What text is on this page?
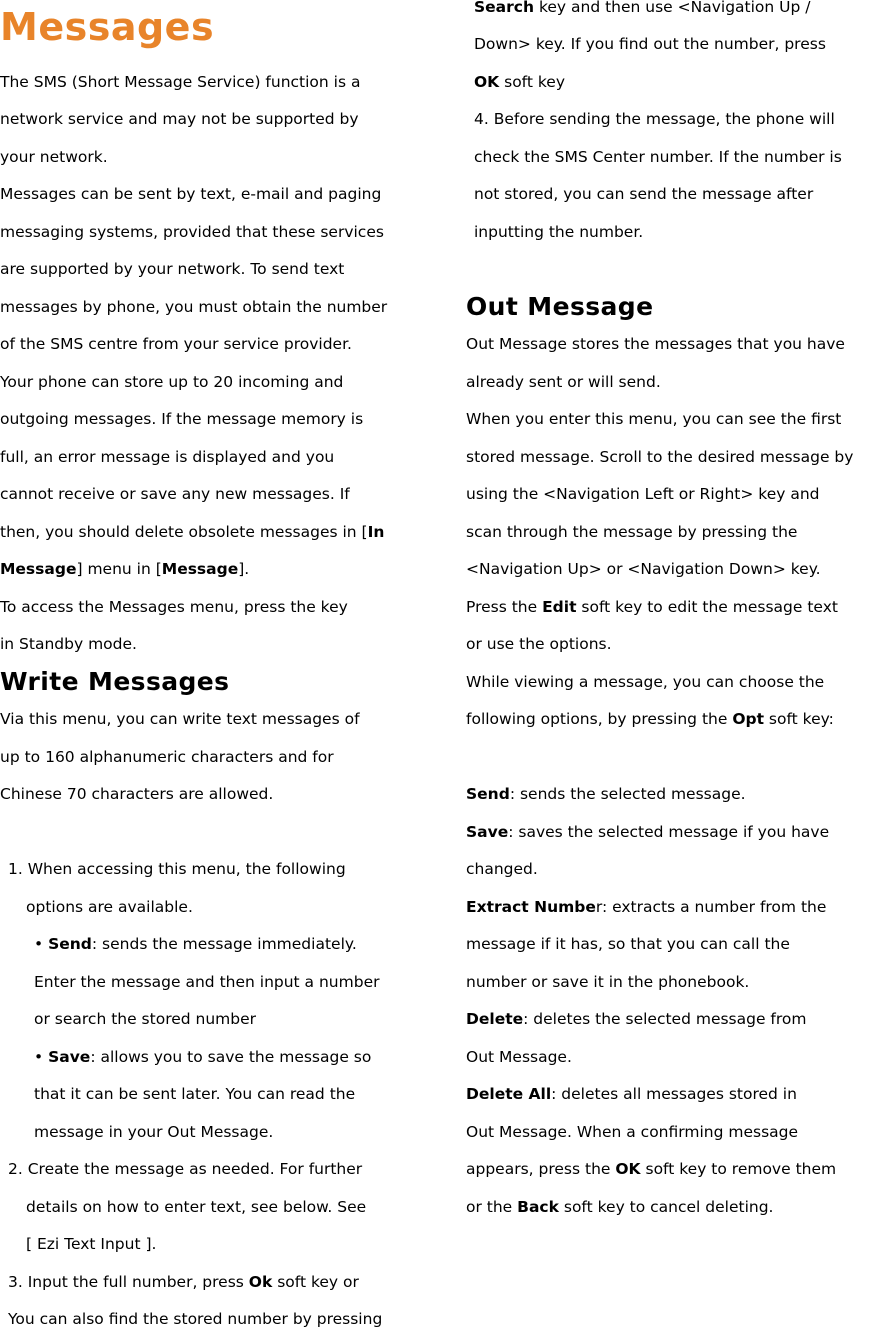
Messages
The SMS (Short Message Service) function is a
network service and may not be supported by
your network.
Messages can be sent by text, e-mail and paging
messaging systems, provided that these services
are supported by your network. To send text
messages by phone, you must obtain the number
of the SMS centre from your service provider.
Your phone can store up to 20 incoming and
outgoing messages. If the message memory is
full, an error message is displayed and you
cannot receive or save any new messages. If
then, you should delete obsolete messages in [In
Message] menu in [Message].
To access the Messages menu, press the key
in Standby mode.
Write Messages
Via this menu, you can write text messages of
up to 160 alphanumeric characters and for
Chinese 70 characters are allowed.
1. When accessing this menu, the following
options are available.
• Send: sends the message immediately.
Enter the message and then input a number
or search the stored number
• Save: allows you to save the message so
that it can be sent later. You can read the
message in your Out Message.
2. Create the message as needed. For further
details on how to enter text, see below. See
[ Ezi Text Input ].
3. Input the full number, press Ok soft key or
You can also find the stored number by pressing
Search key and then use <Navigation Up /
Down> key. If you find out the number, press
OK soft key
4. Before sending the message, the phone will
check the SMS Center number. If the number is
not stored, you can send the message after
inputting the number.
Out Message
Out Message stores the messages that you have
already sent or will send.
When you enter this menu, you can see the first
stored message. Scroll to the desired message by
using the <Navigation Left or Right> key and
scan through the message by pressing the
<Navigation Up> or <Navigation Down> key.
Press the Edit soft key to edit the message text
or use the options.
While viewing a message, you can choose the
following options, by pressing the Opt soft key:
Send: sends the selected message.
Save: saves the selected message if you have
changed.
Extract Number: extracts a number from the
message if it has, so that you can call the
number or save it in the phonebook.
Delete: deletes the selected message from
Out Message.
Delete All: deletes all messages stored in
Out Message. When a confirming message
appears, press the OK soft key to remove them
or the Back soft key to cancel deleting.
